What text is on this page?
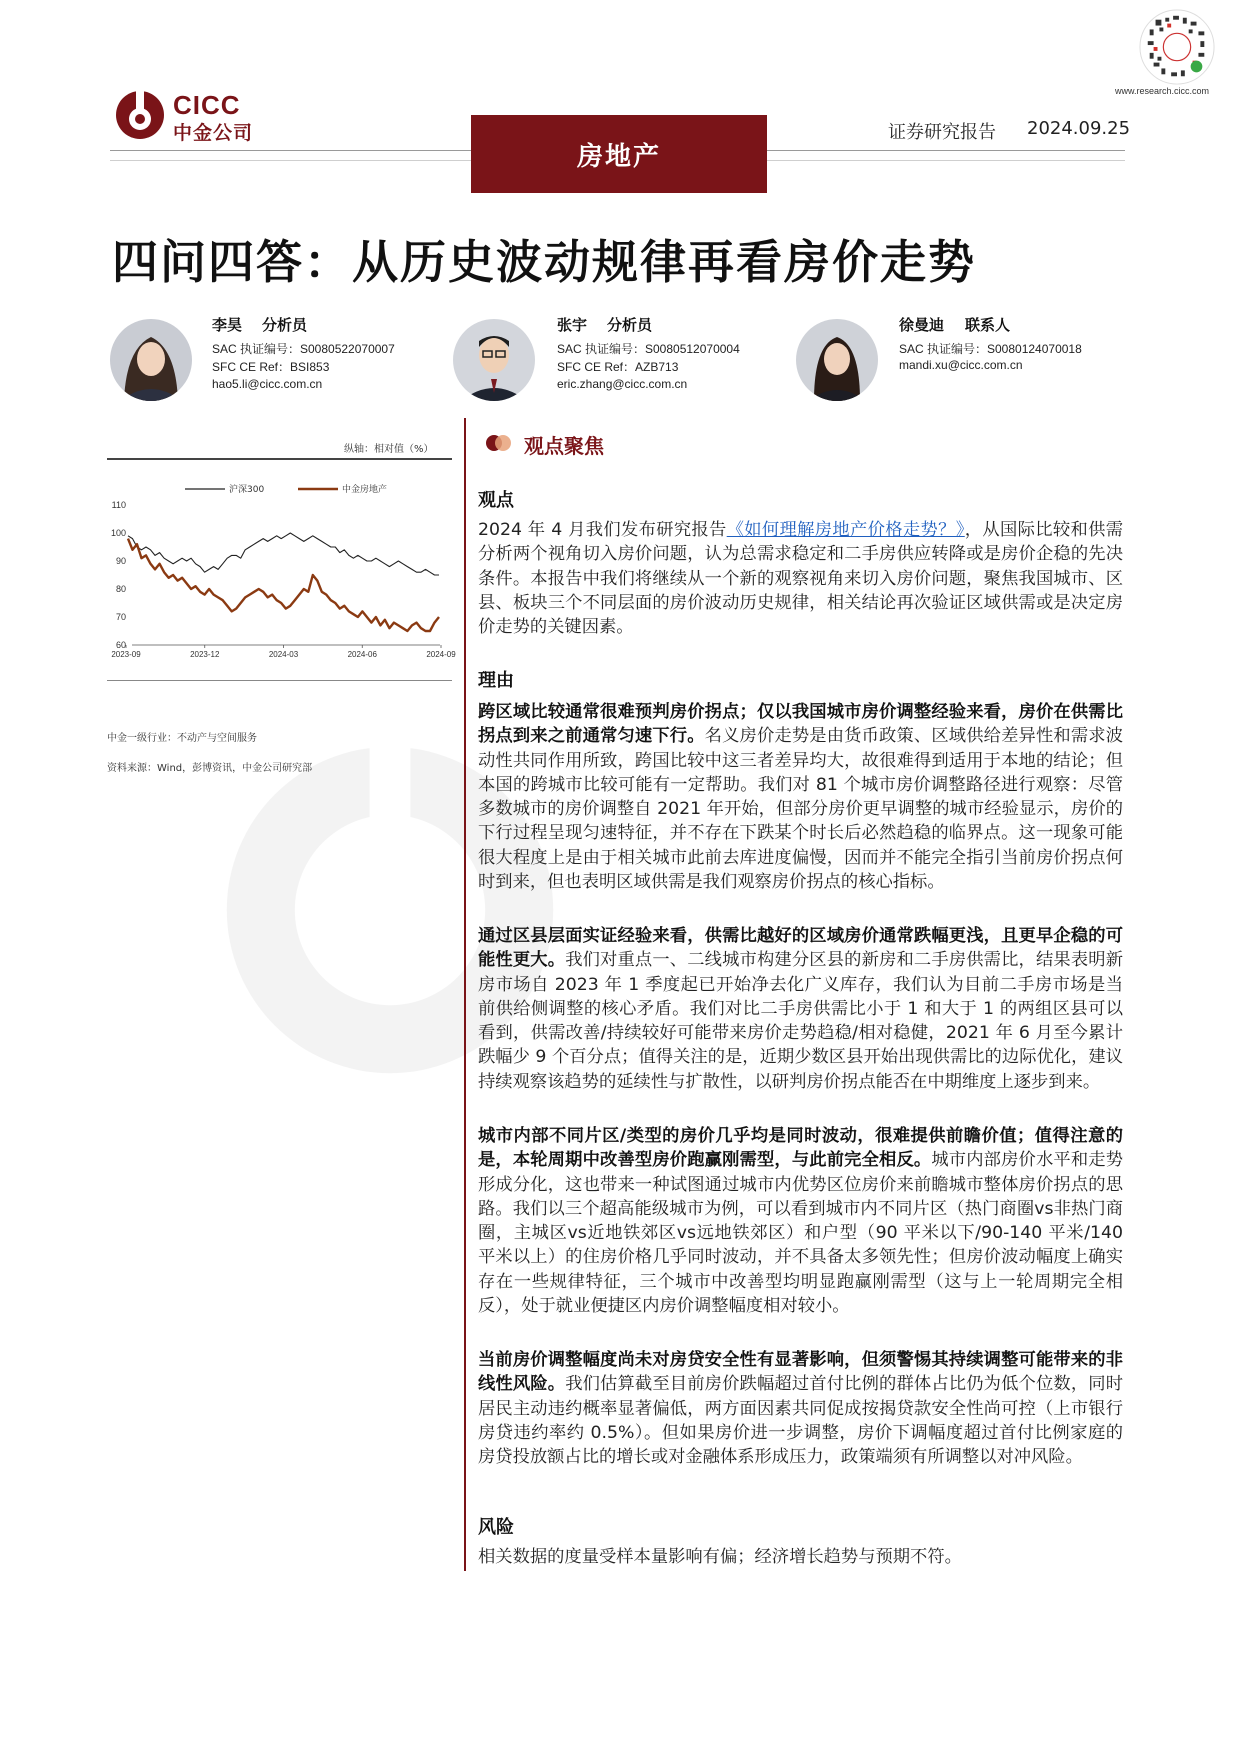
www.research.cicc.com
CICC
中金公司
房地产
证券研究报告 2024.09.25
四问四答：从历史波动规律再看房价走势
李昊 分析员
SAC 执证编号：S0080522070007
SFC CE Ref：BSI853
hao5.li@cicc.com.cn
张宇 分析员
SAC 执证编号：S0080512070004
SFC CE Ref：AZB713
eric.zhang@cicc.com.cn
徐曼迪 联系人
SAC 执证编号：S0080124070018
mandi.xu@cicc.com.cn
纵轴：相对值（%）
沪深300	中金房地产
60
70
80
90
100
110
2023-09	2023-12	2024-03	2024-06	2024-09
中金一级行业：不动产与空间服务
资料来源：Wind，彭博资讯，中金公司研究部
观点聚焦
观点
2024 年 4 月我们发布研究报告《如何理解房地产价格走势？》，从国际比较和供需分析两个视角切入房价问题，认为总需求稳定和二手房供应转降或是房价企稳的先决条件。本报告中我们将继续从一个新的观察视角来切入房价问题，聚焦我国城市、区县、板块三个不同层面的房价波动历史规律，相关结论再次验证区域供需或是决定房价走势的关键因素。
理由
跨区域比较通常很难预判房价拐点；仅以我国城市房价调整经验来看，房价在供需比拐点到来之前通常匀速下行。名义房价走势是由货币政策、区域供给差异性和需求波动性共同作用所致，跨国比较中这三者差异均大，故很难得到适用于本地的结论；但本国的跨城市比较可能有一定帮助。我们对 81 个城市房价调整路径进行观察：尽管多数城市的房价调整自 2021 年开始，但部分房价更早调整的城市经验显示，房价的下行过程呈现匀速特征，并不存在下跌某个时长后必然趋稳的临界点。这一现象可能很大程度上是由于相关城市此前去库进度偏慢，因而并不能完全指引当前房价拐点何时到来，但也表明区域供需是我们观察房价拐点的核心指标。
通过区县层面实证经验来看，供需比越好的区域房价通常跌幅更浅，且更早企稳的可能性更大。我们对重点一、二线城市构建分区县的新房和二手房供需比，结果表明新房市场自 2023 年 1 季度起已开始净去化广义库存，我们认为目前二手房市场是当前供给侧调整的核心矛盾。我们对比二手房供需比小于 1 和大于 1 的两组区县可以看到，供需改善/持续较好可能带来房价走势趋稳/相对稳健，2021 年 6 月至今累计跌幅少 9 个百分点；值得关注的是，近期少数区县开始出现供需比的边际优化，建议持续观察该趋势的延续性与扩散性，以研判房价拐点能否在中期维度上逐步到来。
城市内部不同片区/类型的房价几乎均是同时波动，很难提供前瞻价值；值得注意的是，本轮周期中改善型房价跑赢刚需型，与此前完全相反。城市内部房价水平和走势形成分化，这也带来一种试图通过城市内优势区位房价来前瞻城市整体房价拐点的思路。我们以三个超高能级城市为例，可以看到城市内不同片区（热门商圈vs非热门商圈，主城区vs近地铁郊区vs远地铁郊区）和户型（90 平米以下/90-140 平米/140 平米以上）的住房价格几乎同时波动，并不具备太多领先性；但房价波动幅度上确实存在一些规律特征，三个城市中改善型均明显跑赢刚需型（这与上一轮周期完全相反），处于就业便捷区内房价调整幅度相对较小。
当前房价调整幅度尚未对房贷安全性有显著影响，但须警惕其持续调整可能带来的非线性风险。我们估算截至目前房价跌幅超过首付比例的群体占比仍为低个位数，同时居民主动违约概率显著偏低，两方面因素共同促成按揭贷款安全性尚可控（上市银行房贷违约率约 0.5%）。但如果房价进一步调整，房价下调幅度超过首付比例家庭的房贷投放额占比的增长或对金融体系形成压力，政策端须有所调整以对冲风险。
风险
相关数据的度量受样本量影响有偏；经济增长趋势与预期不符。
